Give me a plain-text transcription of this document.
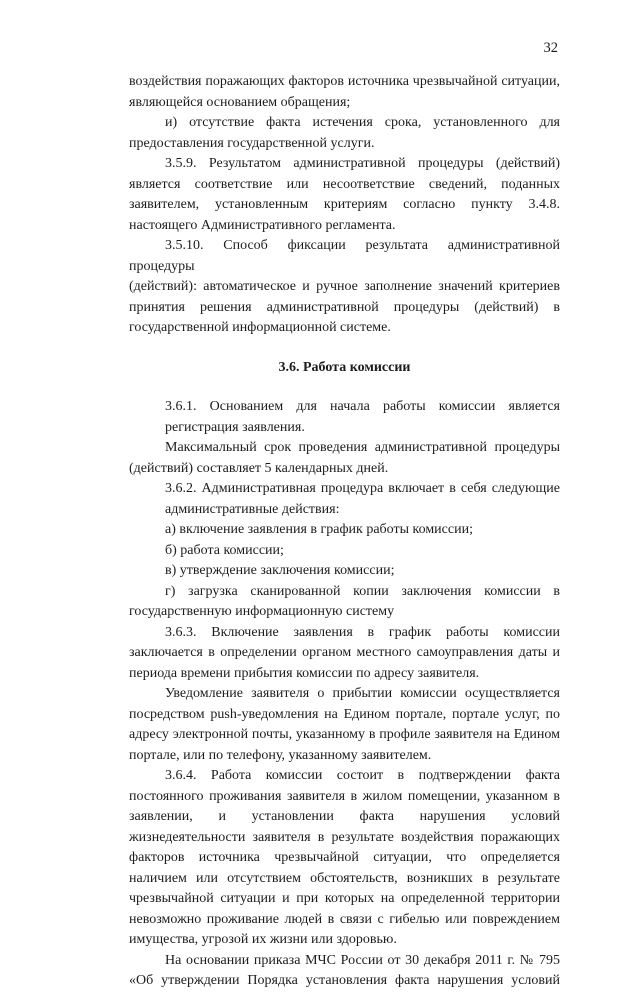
32

воздействия поражающих факторов источника чрезвычайной ситуации,

являющейся основанием обращения;

и) отсутствие факта истечения срока, установленного для

предоставления государственной услуги.

3.5.9. Результатом административной процедуры (действий)

является соответствие или несоответствие сведений, поданных

заявителем, установленным критериям согласно пункту 3.4.8.

настоящего Административного регламента.

3.5.10. Способ фиксации результата административной процедуры

(действий): автоматическое и ручное заполнение значений критериев

принятия решения административной процедуры (действий) в

государственной информационной системе.

3.6. Работа комиссии

3.6.1. Основанием для начала работы комиссии является

регистрация заявления.

Максимальный срок проведения административной процедуры

(действий) составляет 5 календарных дней.

3.6.2. Административная процедура включает в себя следующие

административные действия:

а) включение заявления в график работы комиссии;

б) работа комиссии;

в) утверждение заключения комиссии;

г) загрузка сканированной копии заключения комиссии в

государственную информационную систему

3.6.3. Включение заявления в график работы комиссии

заключается в определении органом местного самоуправления даты и

периода времени прибытия комиссии по адресу заявителя.

Уведомление заявителя о прибытии комиссии осуществляется

посредством push-уведомления на Едином портале, портале услуг, по

адресу электронной почты, указанному в профиле заявителя на Едином

портале, или по телефону, указанному заявителем.

3.6.4. Работа комиссии состоит в подтверждении факта

постоянного проживания заявителя в жилом помещении, указанном в

заявлении, и установлении факта нарушения условий

жизнедеятельности заявителя в результате воздействия поражающих

факторов источника чрезвычайной ситуации, что определяется

наличием или отсутствием обстоятельств, возникших в результате

чрезвычайной ситуации и при которых на определенной территории

невозможно проживание людей в связи с гибелью или повреждением

имущества, угрозой их жизни или здоровью.

На основании приказа МЧС России от 30 декабря 2011 г. № 795

«Об утверждении Порядка установления факта нарушения условий
